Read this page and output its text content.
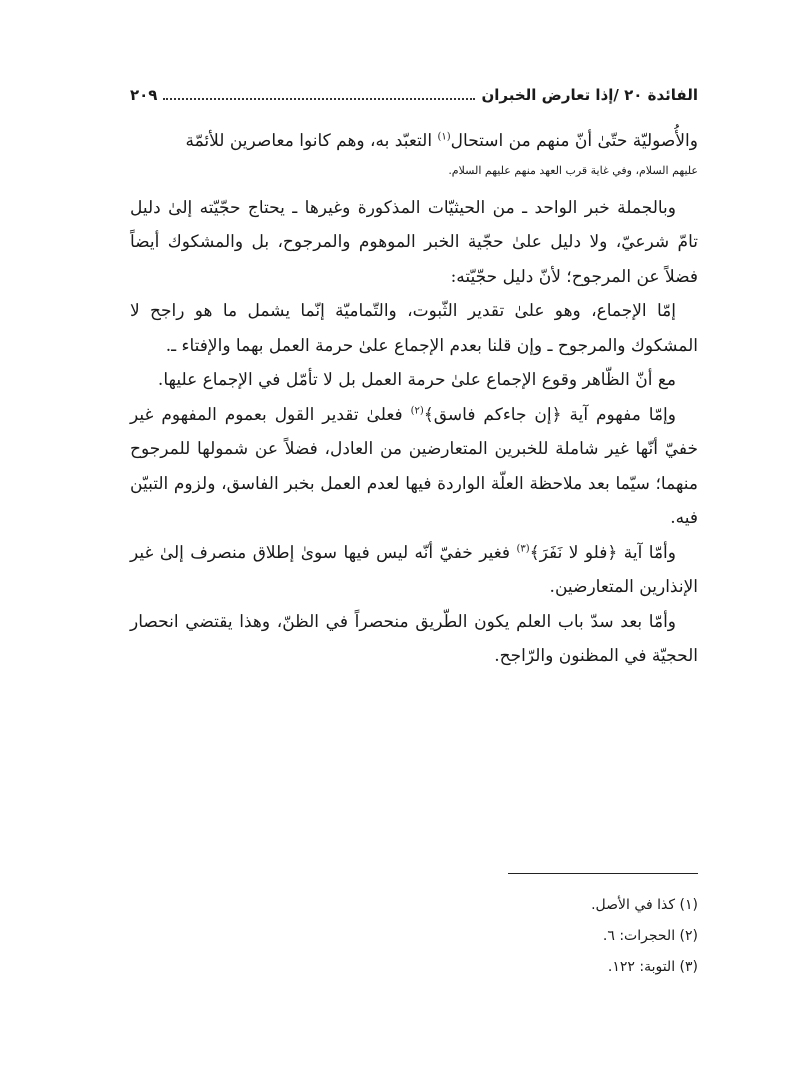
الفائدة ٢٠ /إذا تعارض الخبران
٢٠٩

والأُصوليّة حتّىٰ أنّ منهم من استحال$^{(١)}$ التعبّد به، وهم كانوا معاصرين للأئمّة
عليهم السلام، وفي غاية قرب العهد منهم عليهم السلام.

وبالجملة خبر الواحد ـ من الحيثيّات المذكورة وغيرها ـ يحتاج حجّيّته إلىٰ دليل تامّ شرعيّ، ولا دليل علىٰ حجّية الخبر الموهوم والمرجوح، بل والمشكوك أيضاً فضلاً عن المرجوح؛ لأنّ دليل حجّيّته:

إمّا الإجماع، وهو علىٰ تقدير الثّبوت، والتّماميّة إنّما يشمل ما هو راجح لا المشكوك والمرجوح ـ وإن قلنا بعدم الإجماع علىٰ حرمة العمل بهما والإفتاء ـ.

مع أنّ الظّاهر وقوع الإجماع علىٰ حرمة العمل بل لا تأمّل في الإجماع عليها.

وإمّا مفهوم آية ﴿إن جاءكم فاسق﴾$^{(٢)}$ فعلىٰ تقدير القول بعموم المفهوم غير خفيّ أنّها غير شاملة للخبرين المتعارضين من العادل، فضلاً عن شمولها للمرجوح منهما؛ سيّما بعد ملاحظة العلّة الواردة فيها لعدم العمل بخبر الفاسق، ولزوم التبيّن فيه.

وأمّا آية ﴿فلو لا نَفَرَ﴾$^{(٣)}$ فغير خفيّ أنّه ليس فيها سوىٰ إطلاق منصرف إلىٰ غير الإنذارين المتعارضين.

وأمّا بعد سدّ باب العلم يكون الطّريق منحصراً في الظنّ، وهذا يقتضي انحصار الحجيّة في المظنون والرّاجح.

(١) كذا في الأصل.
(٢) الحجرات: ٦.
(٣) التوبة: ١٢٢.
